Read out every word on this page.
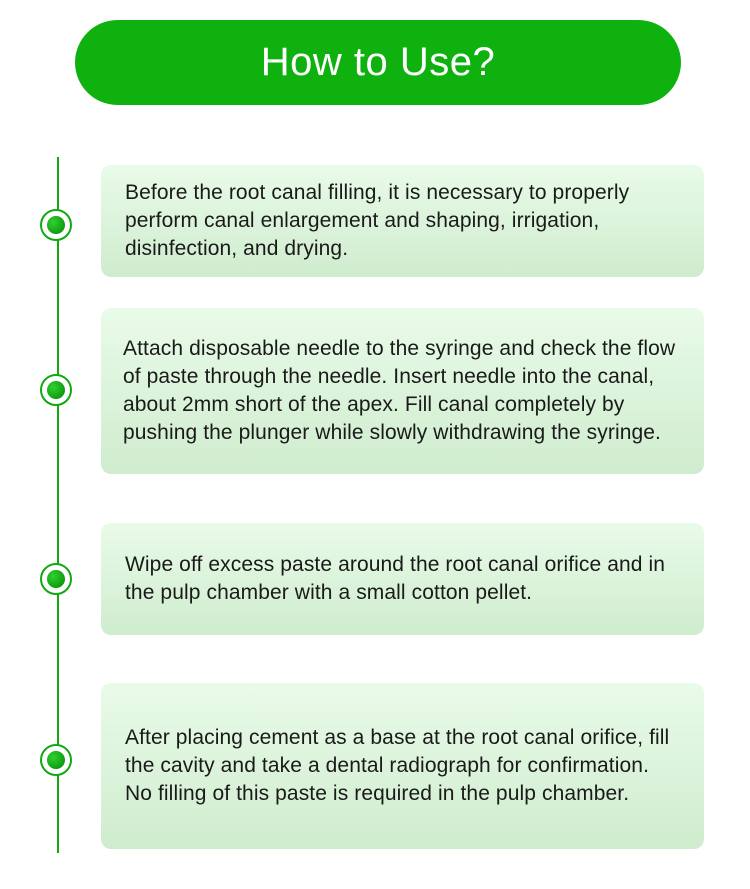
How to Use?
Before the root canal filling, it is necessary to properly perform canal enlargement and shaping, irrigation, disinfection, and drying.
Attach disposable needle to the syringe and check the flow of paste through the needle. Insert needle into the canal, about 2mm short of the apex. Fill canal completely by pushing the plunger while slowly withdrawing the syringe.
Wipe off excess paste around the root canal orifice and in the pulp chamber with a small cotton pellet.
After placing cement as a base at the root canal orifice, fill the cavity and take a dental radiograph for confirmation. No filling of this paste is required in the pulp chamber.
